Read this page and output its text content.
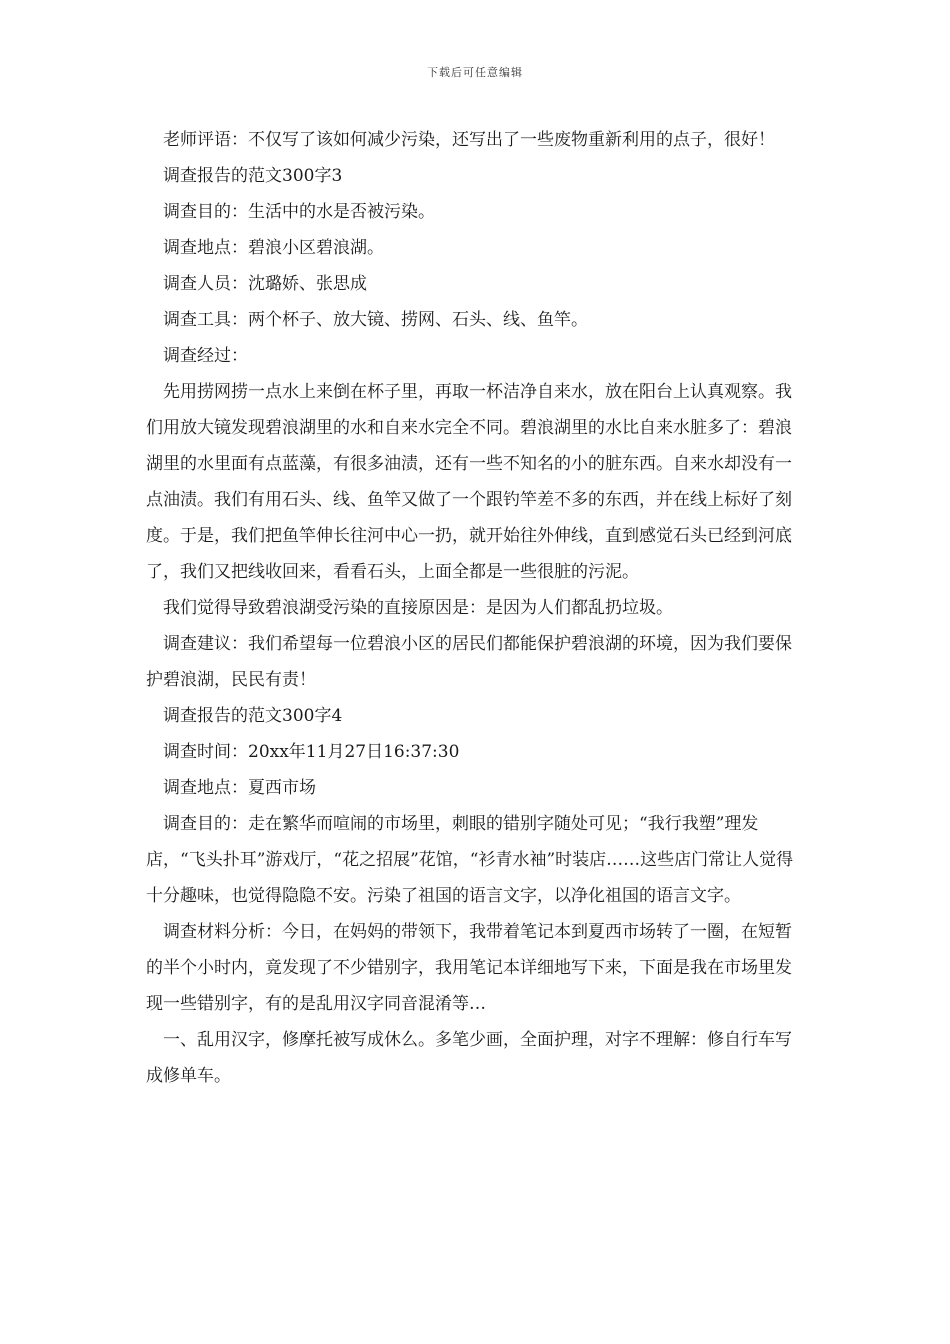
下载后可任意编辑

老师评语：不仅写了该如何减少污染，还写出了一些废物重新利用的点子，很好！

调查报告的范文300字3

调查目的：生活中的水是否被污染。

调查地点：碧浪小区碧浪湖。

调查人员：沈璐娇、张思成

调查工具：两个杯子、放大镜、捞网、石头、线、鱼竿。

调查经过：

先用捞网捞一点水上来倒在杯子里，再取一杯洁净自来水，放在阳台上认真观察。我们用放大镜发现碧浪湖里的水和自来水完全不同。碧浪湖里的水比自来水脏多了：碧浪湖里的水里面有点蓝藻，有很多油渍，还有一些不知名的小的脏东西。自来水却没有一点油渍。我们有用石头、线、鱼竿又做了一个跟钓竿差不多的东西，并在线上标好了刻度。于是，我们把鱼竿伸长往河中心一扔，就开始往外伸线，直到感觉石头已经到河底了，我们又把线收回来，看看石头，上面全都是一些很脏的污泥。

我们觉得导致碧浪湖受污染的直接原因是：是因为人们都乱扔垃圾。

调查建议：我们希望每一位碧浪小区的居民们都能保护碧浪湖的环境，因为我们要保护碧浪湖，民民有责！

调查报告的范文300字4

调查时间：20xx年11月27日16:37:30

调查地点：夏西市场

调查目的：走在繁华而喧闹的市场里，刺眼的错别字随处可见；“我行我塑”理发店，“飞头扑耳”游戏厅，“花之招展”花馆，“衫青水袖”时装店……这些店门常让人觉得十分趣味，也觉得隐隐不安。污染了祖国的语言文字，以净化祖国的语言文字。

调查材料分析：今日，在妈妈的带领下，我带着笔记本到夏西市场转了一圈，在短暂的半个小时内，竟发现了不少错别字，我用笔记本详细地写下来，下面是我在市场里发现一些错别字，有的是乱用汉字同音混淆等…

一、乱用汉字，修摩托被写成休么。多笔少画，全面护理，对字不理解：修自行车写成修单车。
